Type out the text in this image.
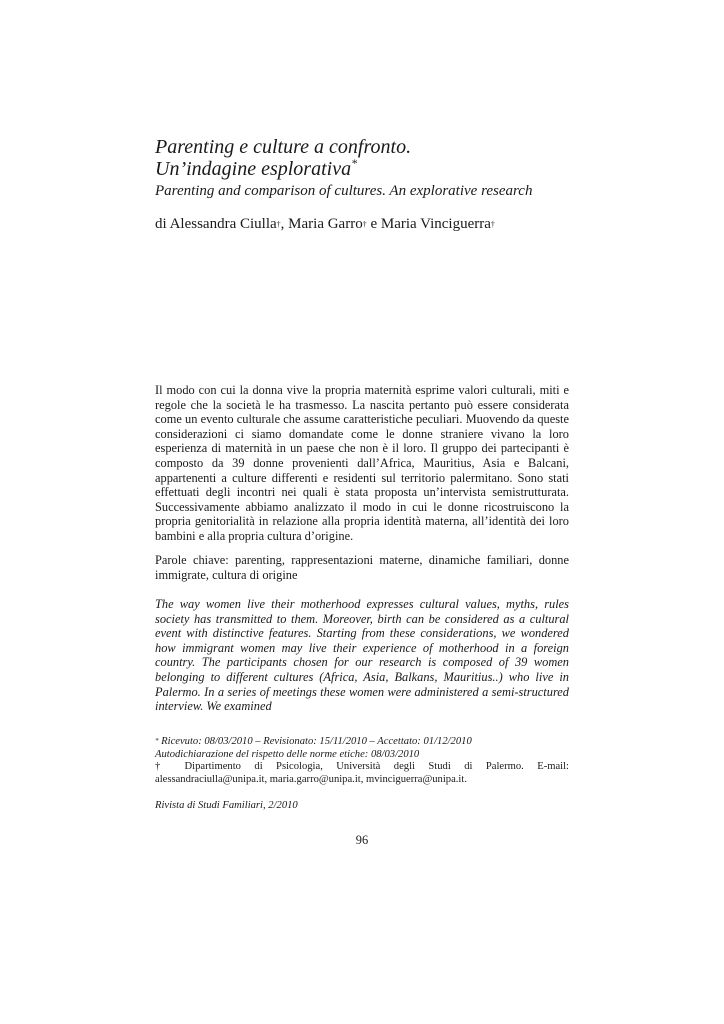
Parenting e culture a confronto.
Un’indagine esplorativa*
Parenting and comparison of cultures. An explorative research
di Alessandra Ciulla†, Maria Garro† e Maria Vinciguerra†

Il modo con cui la donna vive la propria maternità esprime valori culturali, miti e regole che la società le ha trasmesso. La nascita pertanto può essere considerata come un evento culturale che assume caratteristiche peculiari. Muovendo da queste considerazioni ci siamo domandate come le donne straniere vivano la loro esperienza di maternità in un paese che non è il loro. Il gruppo dei partecipanti è composto da 39 donne provenienti dall’Africa, Mauritius, Asia e Balcani, appartenenti a culture differenti e residenti sul territorio palermitano. Sono stati effettuati degli incontri nei quali è stata proposta un’intervista semistrutturata. Successivamente abbiamo analizzato il modo in cui le donne ricostruiscono la propria genitorialità in relazione alla propria identità materna, all’identità dei loro bambini e alla propria cultura d’origine.

Parole chiave: parenting, rappresentazioni materne, dinamiche familiari, donne immigrate, cultura di origine

The way women live their motherhood expresses cultural values, myths, rules society has transmitted to them. Moreover, birth can be considered as a cultural event with distinctive features. Starting from these considerations, we wondered how immigrant women may live their experience of motherhood in a foreign country. The participants chosen for our research is composed of 39 women belonging to different cultures (Africa, Asia, Balkans, Mauritius..) who live in Palermo. In a series of meetings these women were administered a semi-structured interview. We examined

* Ricevuto: 08/03/2010 – Revisionato: 15/11/2010 – Accettato: 01/12/2010
Autodichiarazione del rispetto delle norme etiche: 08/03/2010
† Dipartimento di Psicologia, Università degli Studi di Palermo. E-mail: alessandraciulla@unipa.it, maria.garro@unipa.it, mvinciguerra@unipa.it.
Rivista di Studi Familiari, 2/2010
96
